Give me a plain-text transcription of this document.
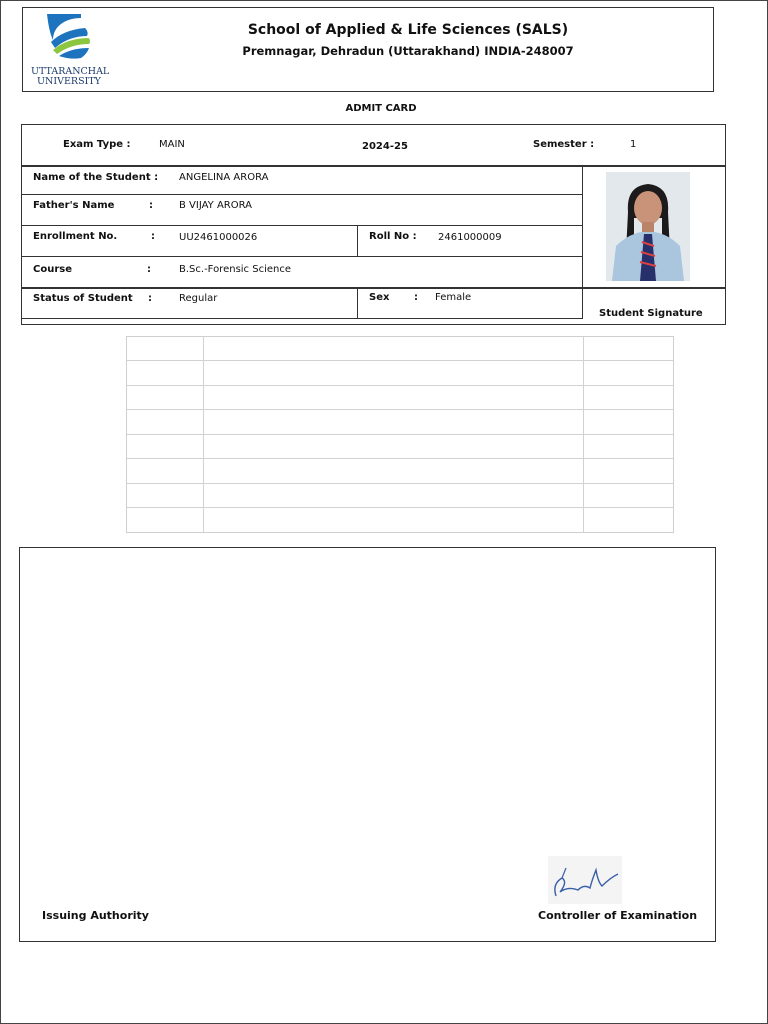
UTTARANCHAL
UNIVERSITY
School of Applied & Life Sciences (SALS)
Premnagar, Dehradun (Uttarakhand) INDIA-248007
ADMIT CARD
Exam Type :	MAIN	2024-25	Semester :	1
Name of the Student : ANGELINA ARORA
Father's Name	:	B VIJAY ARORA
Enrollment No.	: UU2461000026	Roll No : 2461000009
Course	:	B.Sc.-Forensic Science
Status of Student :	Regular	Sex : Female
Student Signature
Issuing Authority	Controller of Examination
